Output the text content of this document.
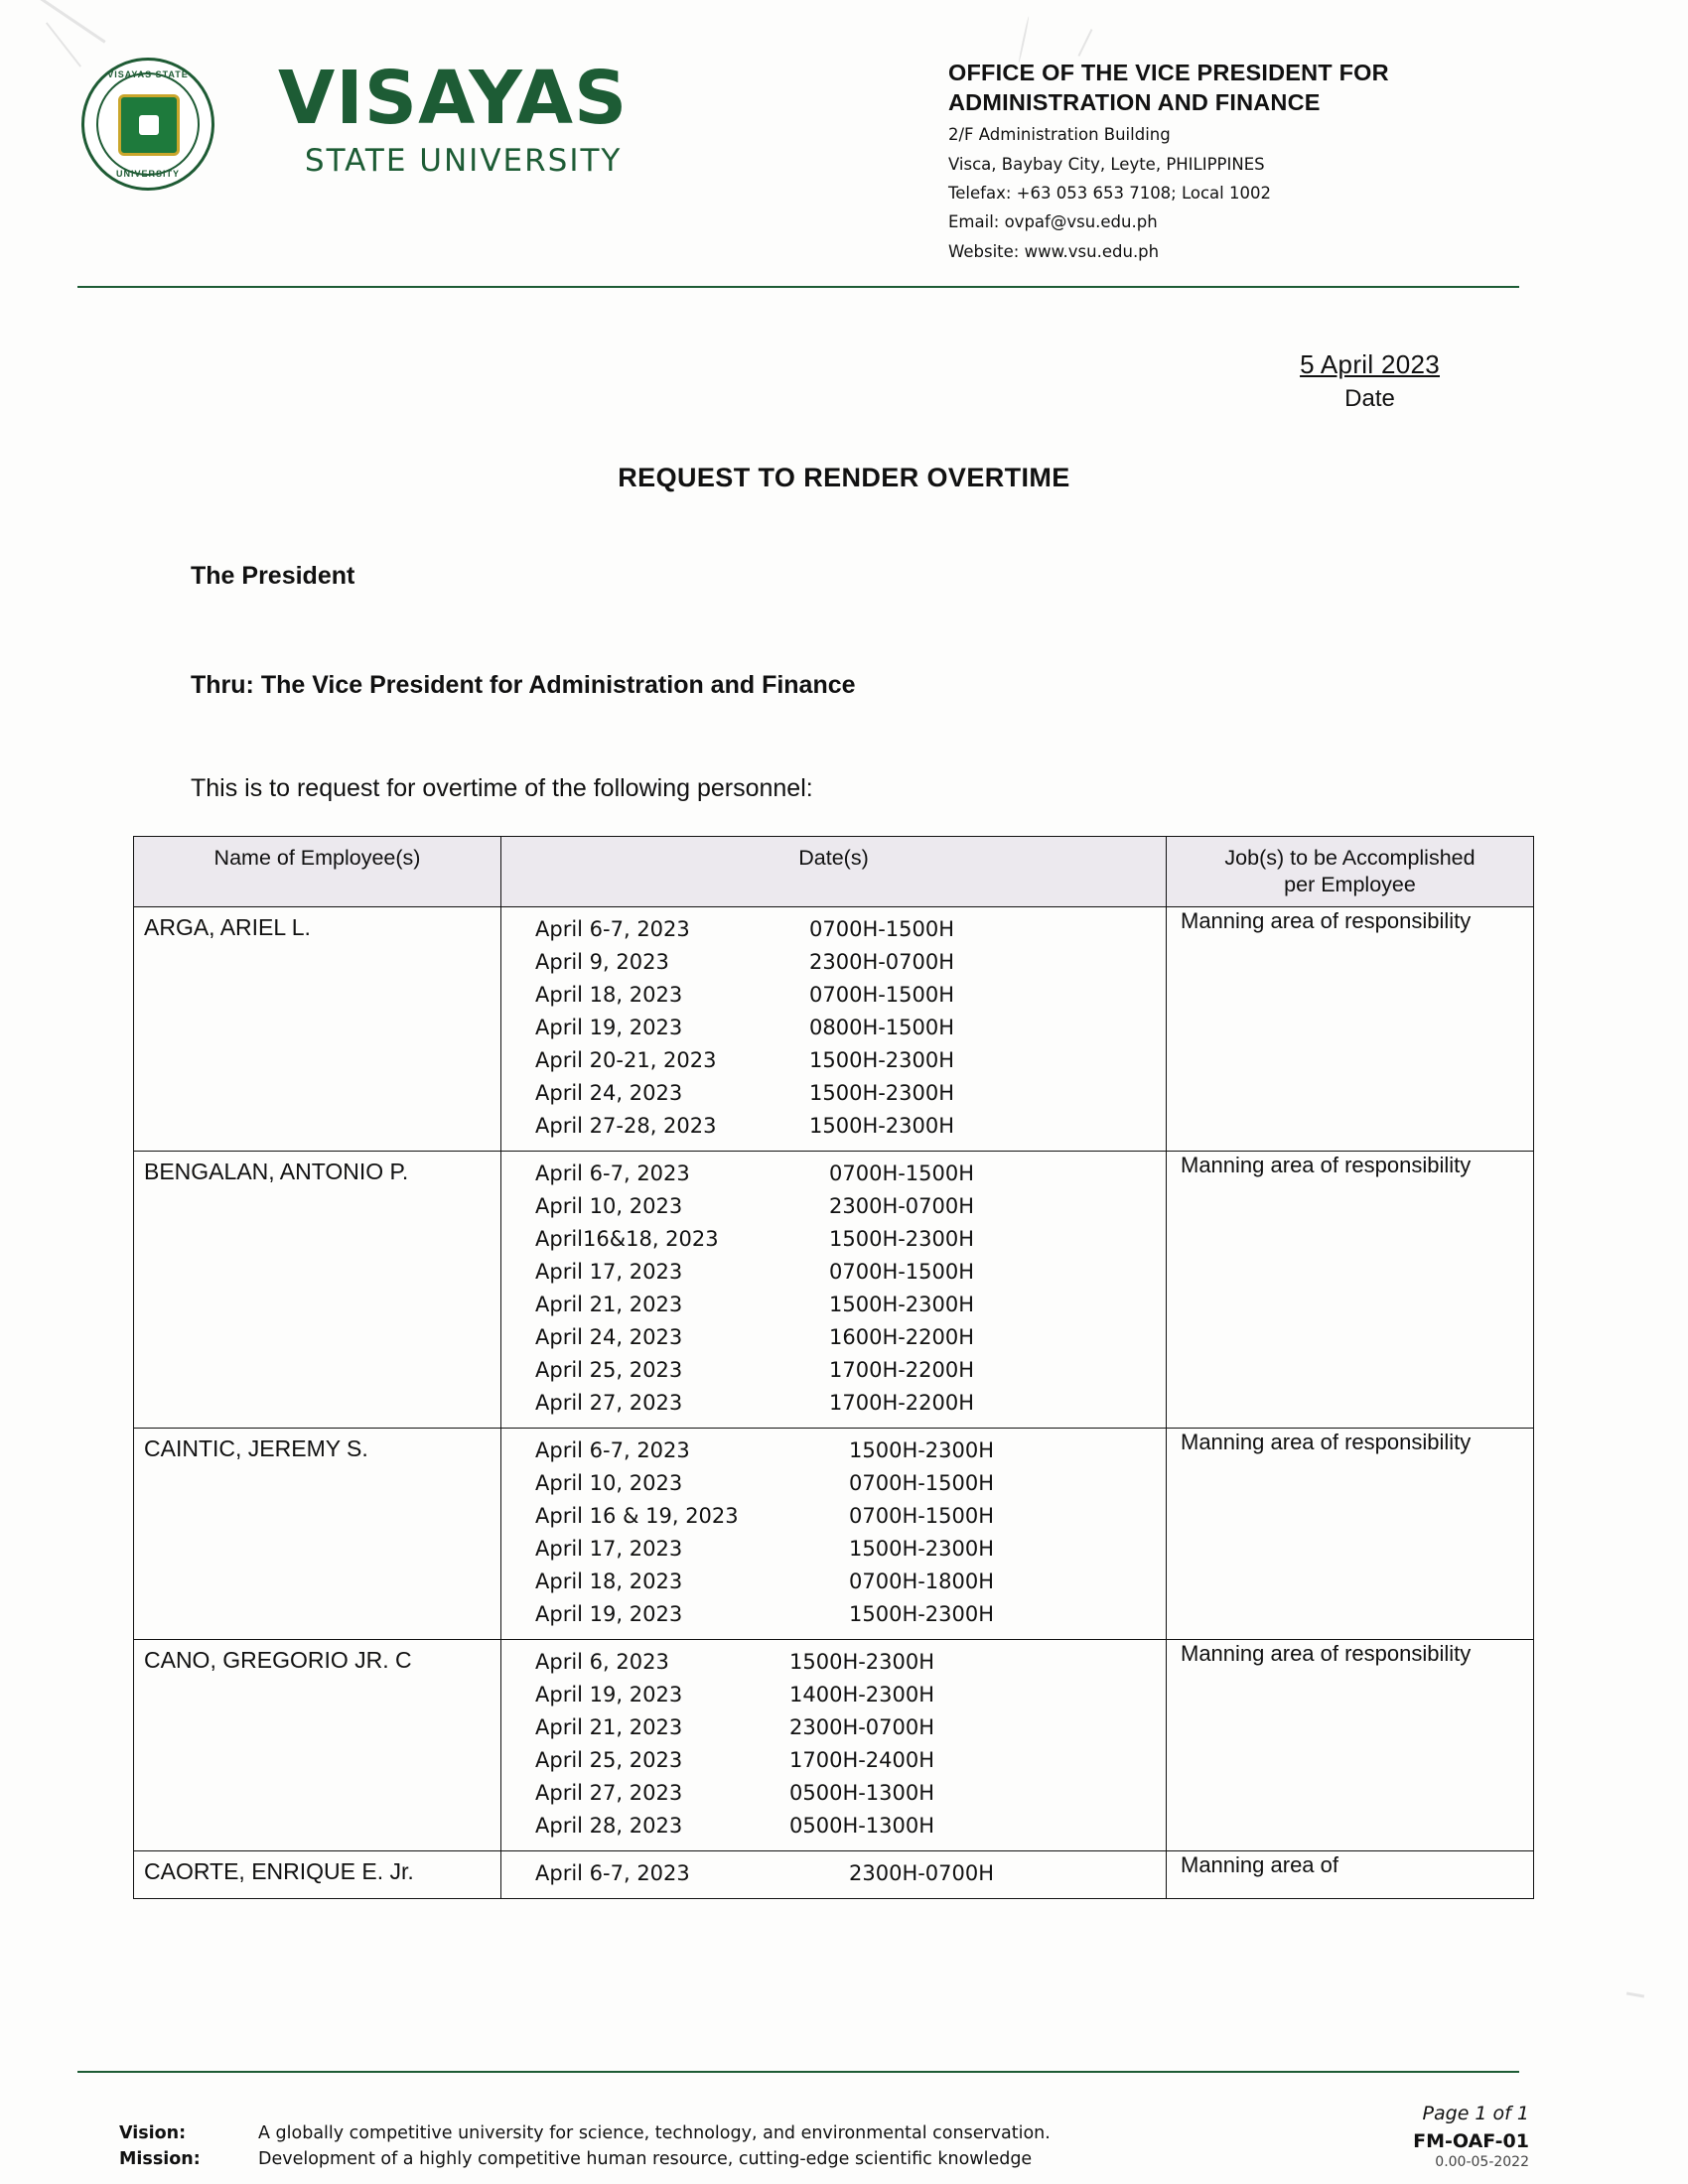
VISAYAS STATE
UNIVERSITY
VISAYAS
STATE UNIVERSITY
OFFICE OF THE VICE PRESIDENT FOR
ADMINISTRATION AND FINANCE
2/F Administration Building
Visca, Baybay City, Leyte, PHILIPPINES
Telefax: +63 053 653 7108; Local 1002
Email: ovpaf@vsu.edu.ph
Website: www.vsu.edu.ph
5 April 2023
Date
REQUEST TO RENDER OVERTIME
The President
Thru: The Vice President for Administration and Finance
This is to request for overtime of the following personnel:
Name of Employee(s)	Date(s)	Job(s) to be Accomplished
per Employee

ARGA, ARIEL L.	April 6-7, 2023	0700H-1500H
April 9, 2023	2300H-0700H
April 18, 2023	0700H-1500H
April 19, 2023	0800H-1500H
April 20-21, 2023	1500H-2300H
April 24, 2023	1500H-2300H
April 27-28, 2023	1500H-2300H
	Manning area of responsibility
BENGALAN, ANTONIO P.	April 6-7, 2023	0700H-1500H
April 10, 2023	2300H-0700H
April16&18, 2023	1500H-2300H
April 17, 2023	0700H-1500H
April 21, 2023	1500H-2300H
April 24, 2023	1600H-2200H
April 25, 2023	1700H-2200H
April 27, 2023	1700H-2200H
	Manning area of responsibility
CAINTIC, JEREMY S.	April 6-7, 2023	1500H-2300H
April 10, 2023	0700H-1500H
April 16 & 19, 2023	0700H-1500H
April 17, 2023	1500H-2300H
April 18, 2023	0700H-1800H
April 19, 2023	1500H-2300H
	Manning area of responsibility
CANO, GREGORIO JR. C	April 6, 2023	1500H-2300H
April 19, 2023	1400H-2300H
April 21, 2023	2300H-0700H
April 25, 2023	1700H-2400H
April 27, 2023	0500H-1300H
April 28, 2023	0500H-1300H
	Manning area of responsibility
CAORTE, ENRIQUE E. Jr.	April 6-7, 2023 2300H-0700H	Manning area of
Vision:	A globally competitive university for science, technology, and environmental conservation.
Mission:	Development of a highly competitive human resource, cutting-edge scientific knowledge
Page 1 of 1
FM-OAF-01
0.00-05-2022
